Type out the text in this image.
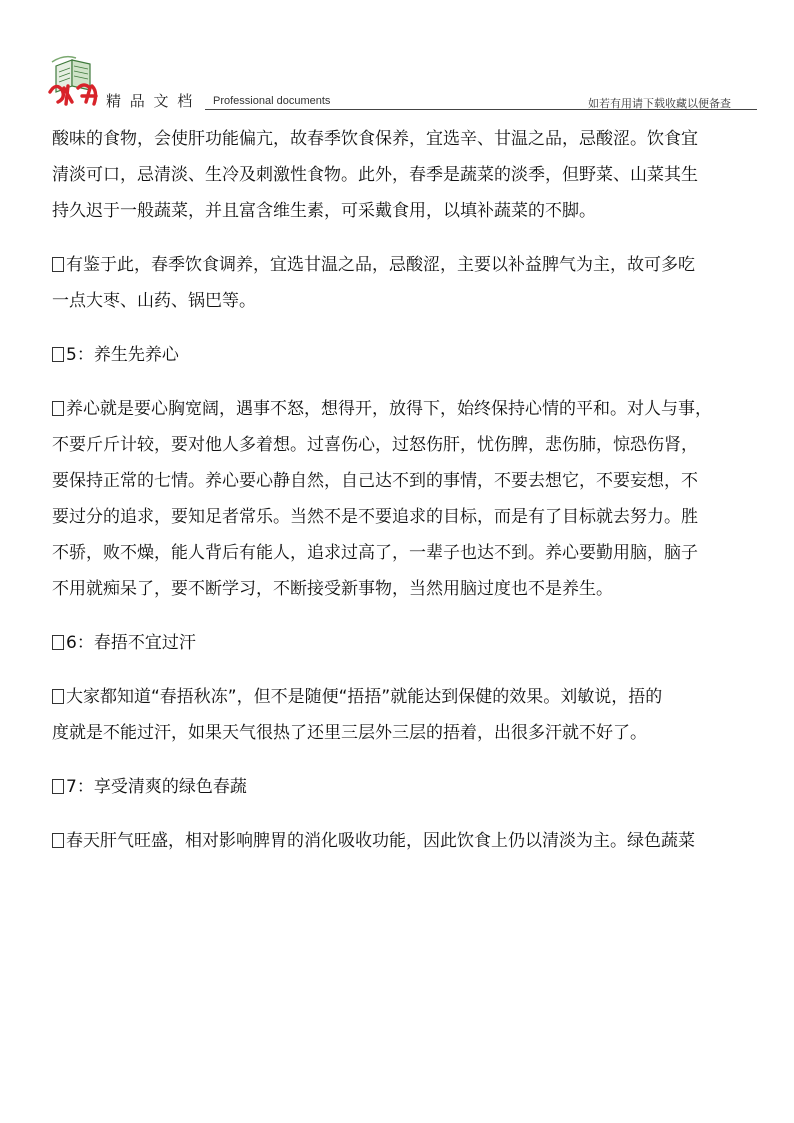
精 品 文 档 Professional documents	如若有用请下载收藏以便备查

酸味的食物，会使肝功能偏亢，故春季饮食保养，宜选辛、甘温之品，忌酸涩。饮食宜

清淡可口，忌清淡、生冷及刺激性食物。此外，春季是蔬菜的淡季，但野菜、山菜其生

持久迟于一般蔬菜，并且富含维生素，可采戴食用，以填补蔬菜的不脚。

有鉴于此，春季饮食调养，宜选甘温之品，忌酸涩，主要以补益脾气为主，故可多吃

一点大枣、山药、锅巴等。

5：养生先养心

养心就是要心胸宽阔，遇事不怒，想得开，放得下，始终保持心情的平和。对人与事，

不要斤斤计较，要对他人多着想。过喜伤心，过怒伤肝，忧伤脾，悲伤肺，惊恐伤肾，

要保持正常的七情。养心要心静自然，自己达不到的事情，不要去想它，不要妄想，不

要过分的追求，要知足者常乐。当然不是不要追求的目标，而是有了目标就去努力。胜

不骄，败不燥，能人背后有能人，追求过高了，一辈子也达不到。养心要勤用脑，脑子

不用就痴呆了，要不断学习，不断接受新事物，当然用脑过度也不是养生。

6：春捂不宜过汗

大家都知道“春捂秋冻”，但不是随便“捂捂”就能达到保健的效果。刘敏说，捂的

度就是不能过汗，如果天气很热了还里三层外三层的捂着，出很多汗就不好了。

7：享受清爽的绿色春蔬

春天肝气旺盛，相对影响脾胃的消化吸收功能，因此饮食上仍以清淡为主。绿色蔬菜
